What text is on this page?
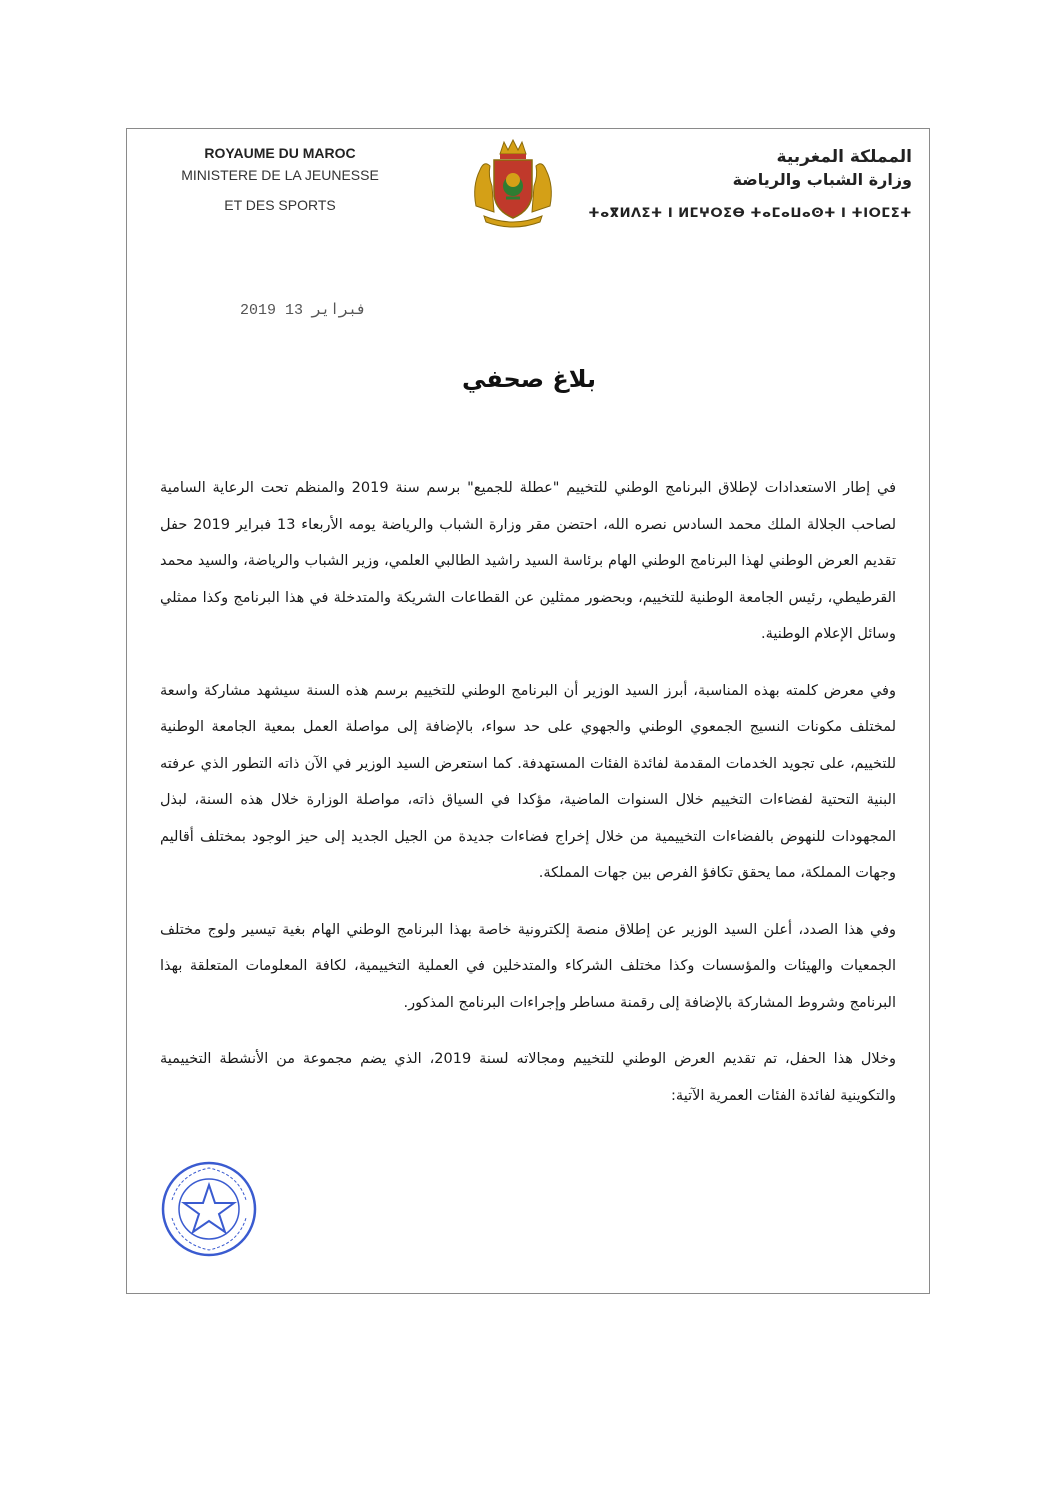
ROYAUME DU MAROC
MINISTERE DE LA JEUNESSE
ET DES SPORTS
المملكة المغربية
وزارة الشباب والرياضة
ⵜⴰⴳⵍⴷⵉⵜ ⵏ ⵍⵎⵖⵔⵉⴱ ⵜⴰⵎⴰⵡⴰⵙⵜ ⵏ ⵜⵏⵔⵎⵉⵜ
2019 فبراير 13
بلاغ صحفي

في إطار الاستعدادات لإطلاق البرنامج الوطني للتخييم "عطلة للجميع" برسم سنة 2019 والمنظم تحت الرعاية السامية لصاحب الجلالة الملك محمد السادس نصره الله، احتضن مقر وزارة الشباب والرياضة يومه الأربعاء 13 فبراير 2019 حفل تقديم العرض الوطني لهذا البرنامج الوطني الهام برئاسة السيد راشيد الطالبي العلمي، وزير الشباب والرياضة، والسيد محمد القرطيطي، رئيس الجامعة الوطنية للتخييم، وبحضور ممثلين عن القطاعات الشريكة والمتدخلة في هذا البرنامج وكذا ممثلي وسائل الإعلام الوطنية.

وفي معرض كلمته بهذه المناسبة، أبرز السيد الوزير أن البرنامج الوطني للتخييم برسم هذه السنة سيشهد مشاركة واسعة لمختلف مكونات النسيج الجمعوي الوطني والجهوي على حد سواء، بالإضافة إلى مواصلة العمل بمعية الجامعة الوطنية للتخييم، على تجويد الخدمات المقدمة لفائدة الفئات المستهدفة. كما استعرض السيد الوزير في الآن ذاته التطور الذي عرفته البنية التحتية لفضاءات التخييم خلال السنوات الماضية، مؤكدا في السياق ذاته، مواصلة الوزارة خلال هذه السنة، لبذل المجهودات للنهوض بالفضاءات التخييمية من خلال إخراج فضاءات جديدة من الجيل الجديد إلى حيز الوجود بمختلف أقاليم وجهات المملكة، مما يحقق تكافؤ الفرص بين جهات المملكة.

وفي هذا الصدد، أعلن السيد الوزير عن إطلاق منصة إلكترونية خاصة بهذا البرنامج الوطني الهام بغية تيسير ولوج مختلف الجمعيات والهيئات والمؤسسات وكذا مختلف الشركاء والمتدخلين في العملية التخييمية، لكافة المعلومات المتعلقة بهذا البرنامج وشروط المشاركة بالإضافة إلى رقمنة مساطر وإجراءات البرنامج المذكور.

وخلال هذا الحفل، تم تقديم العرض الوطني للتخييم ومجالاته لسنة 2019، الذي يضم مجموعة من الأنشطة التخييمية والتكوينية لفائدة الفئات العمرية الآتية:
